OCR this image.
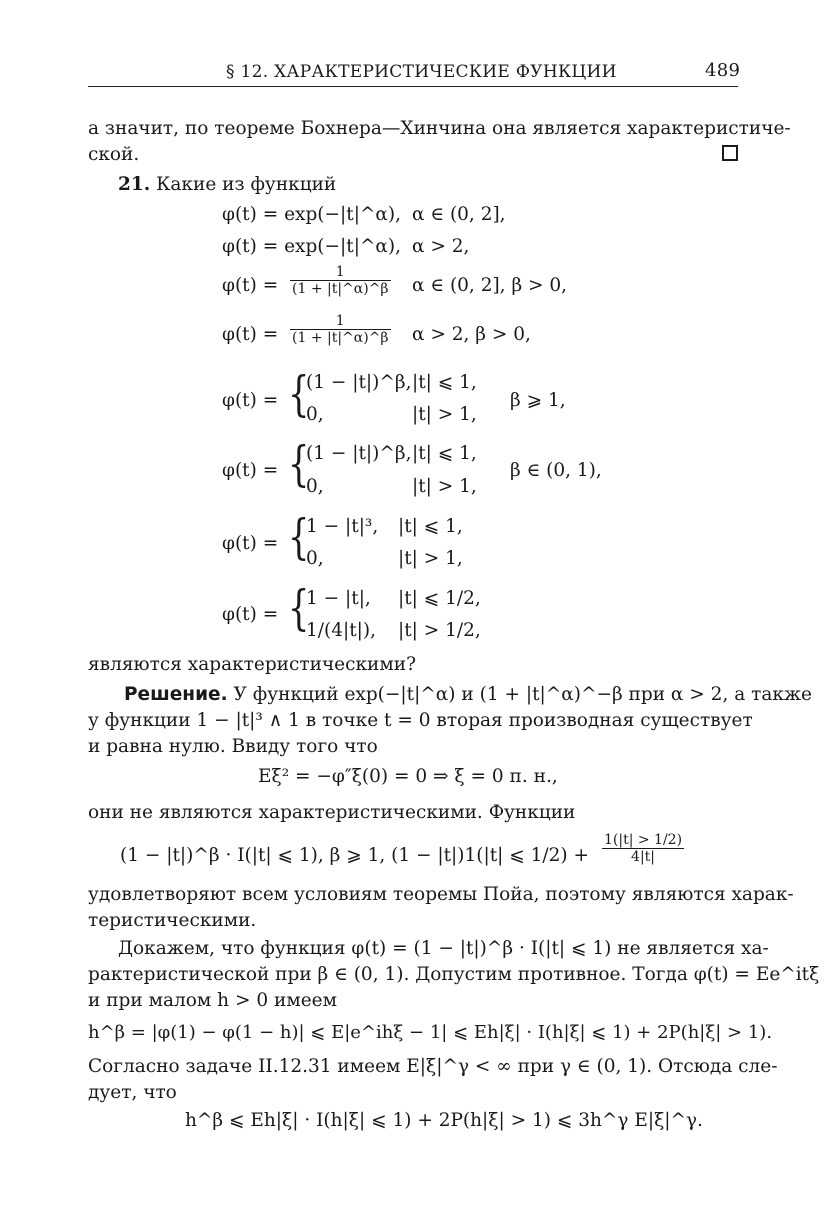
§ 12. ХАРАКТЕРИСТИЧЕСКИЕ ФУНКЦИИ	489
а значит, по теореме Бохнера—Хинчина она является характеристиче-
ской.
21. Какие из функций
φ(t) = exp(−|t|^α), α ∈ (0, 2],
φ(t) = exp(−|t|^α), α > 2,
$\varphi(t) = \frac{1}{(1 + |t|\^{}\alpha)\^{}\beta}$ α ∈ (0, 2], β > 0,
$\varphi(t) = \frac{1}{(1 + |t|\^{}\alpha)\^{}\beta}$ α > 2, β > 0,
φ(t) = {
(1 − |t|)^β, |t| ⩽ 1,
0,	|t| > 1,
β ⩾ 1,
φ(t) = {
(1 − |t|)^β, |t| ⩽ 1,
0,	|t| > 1,
β ∈ (0, 1),
φ(t) = {
1 − |t|³, |t| ⩽ 1,
0,	|t| > 1,
φ(t) = {
1 − |t|, |t| ⩽ 1/2,
1/(4|t|), |t| > 1/2,
являются характеристическими?
Решение. У функций exp(−|t|^α) и (1 + |t|^α)^−β при α > 2, а также
у функции 1 − |t|³ ∧ 1 в точке t = 0 вторая производная существует
и равна нулю. Ввиду того что
Eξ² = −φ″ξ(0) = 0 ⇒ ξ = 0 п. н.,
они не являются характеристическими. Функции
(1 − |t|)^β · I(|t| ⩽ 1), β ⩾ 1, (1 − |t|)1(|t| ⩽ $1/2) + \frac{1(|t| > 1/2)}{4|t|}$
удовлетворяют всем условиям теоремы Пойа, поэтому являются харак-
теристическими.
Докажем, что функция φ(t) = (1 − |t|)^β · I(|t| ⩽ 1) не является ха-
рактеристической при β ∈ (0, 1). Допустим противное. Тогда φ(t) = Ee^itξ
и при малом h > 0 имеем
h^β = |φ(1) − φ(1 − h)| ⩽ E|e^ihξ − 1| ⩽ Eh|ξ| · I(h|ξ| ⩽ 1) + 2P(h|ξ| > 1).
Согласно задаче II.12.31 имеем E|ξ|^γ < ∞ при γ ∈ (0, 1). Отсюда сле-
дует, что
h^β ⩽ Eh|ξ| · I(h|ξ| ⩽ 1) + 2P(h|ξ| > 1) ⩽ 3h^γ E|ξ|^γ.
